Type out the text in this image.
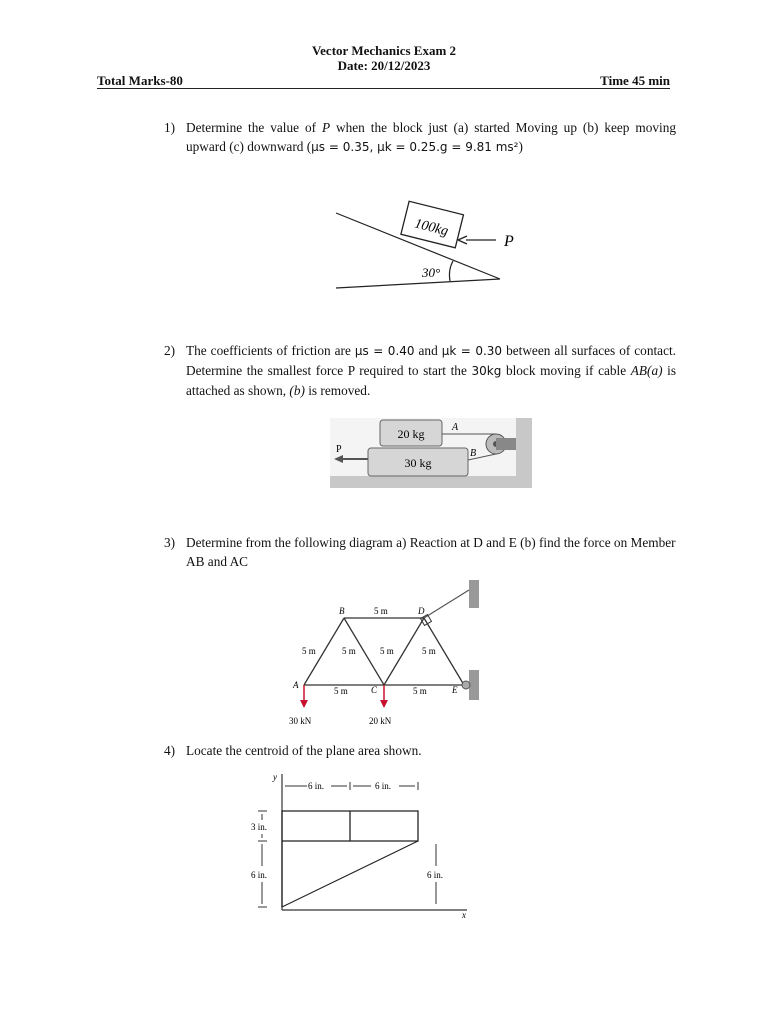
Vector Mechanics Exam 2
Date: 20/12/2023
Total Marks-80	Time 45 min
1) Determine the value of P when the block just (a) started Moving up (b) keep moving upward (c) downward (μs = 0.35, μk = 0.25.g = 9.81 ms²)
100kg
P
30°
2) The coefficients of friction are μs = 0.40 and μk = 0.30 between all surfaces of contact. Determine the smallest force P required to start the 30kg block moving if cable AB(a) is attached as shown, (b) is removed.
20 kg
30 kg
A
B
P
3) Determine from the following diagram a) Reaction at D and E (b) find the force on Member AB and AC
B	D
A	C	E
5 m
5 m	5 m	5 m	5 m
5 m	5 m
30 kN	20 kN
4) Locate the centroid of the plane area shown.
y
x
6 in.	6 in.
3 in.
6 in.	6 in.
